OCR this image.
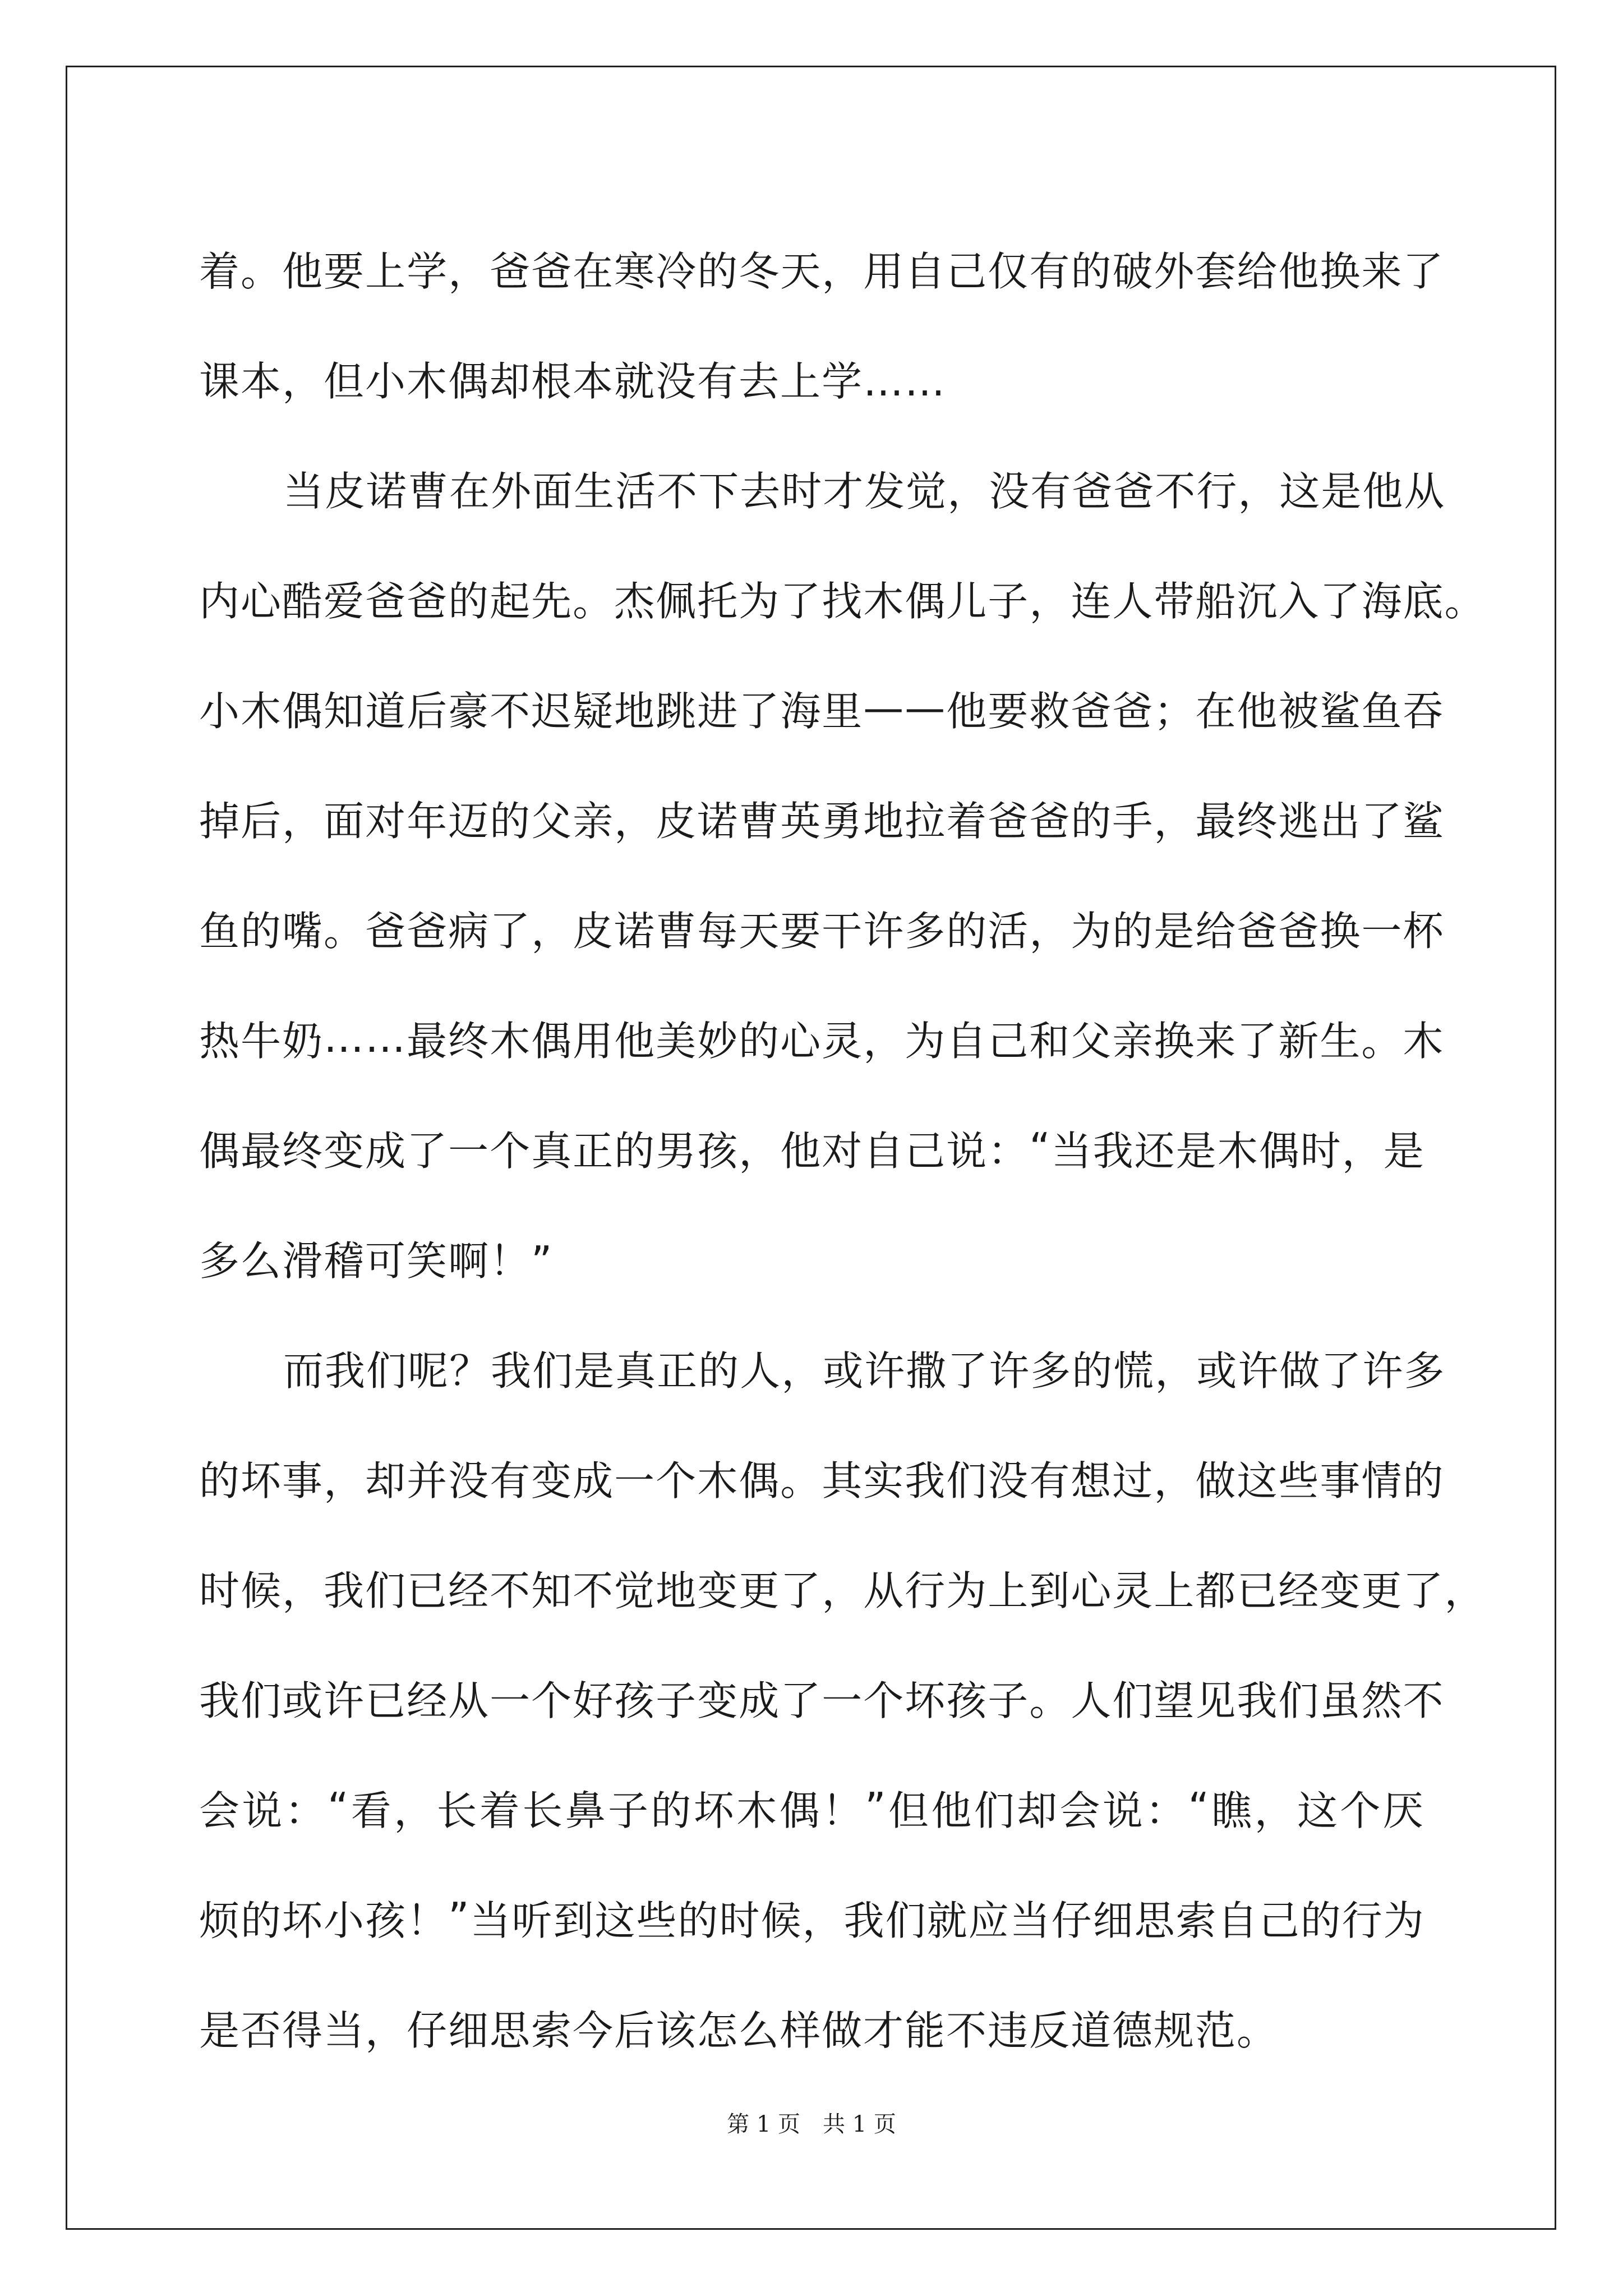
着 。 他 要 上 学 ， 爸 爸 在 寒 冷 的 冬 天 ， 用 自 己 仅 有 的 破 外 套 给 他 换 来 了
课本，但小木偶却根本就没有去上学……
当 皮 诺 曹 在 外 面 生 活 不 下 去 时 才 发 觉 ， 没 有 爸 爸 不 行 ， 这 是 他 从
内 心 酷 爱 爸 爸 的 起 先 。 杰 佩 托 为 了 找 木 偶 儿 子 ， 连 人 带 船 沉 入 了 海 底 。
小 木 偶 知 道 后 豪 不 迟 疑 地 跳 进 了 海 里 — — 他 要 救 爸 爸 ； 在 他 被 鲨 鱼 吞
掉 后 ， 面 对 年 迈 的 父 亲 ， 皮 诺 曹 英 勇 地 拉 着 爸 爸 的 手 ， 最 终 逃 出 了 鲨
鱼 的 嘴 。 爸 爸 病 了 ， 皮 诺 曹 每 天 要 干 许 多 的 活 ， 为 的 是 给 爸 爸 换 一 杯
热 牛 奶 … … 最 终 木 偶 用 他 美 妙 的 心 灵 ， 为 自 己 和 父 亲 换 来 了 新 生 。 木
偶 最 终 变 成 了 一 个 真 正 的 男 孩 ， 他 对 自 己 说 ： “ 当 我 还 是 木 偶 时 ， 是
多么滑稽可笑啊！”
而 我 们 呢 ？ 我 们 是 真 正 的 人 ， 或 许 撒 了 许 多 的 慌 ， 或 许 做 了 许 多
的 坏 事 ， 却 并 没 有 变 成 一 个 木 偶 。 其 实 我 们 没 有 想 过 ， 做 这 些 事 情 的
时 候 ， 我 们 已 经 不 知 不 觉 地 变 更 了 ， 从 行 为 上 到 心 灵 上 都 已 经 变 更 了 ，
我 们 或 许 已 经 从 一 个 好 孩 子 变 成 了 一 个 坏 孩 子 。 人 们 望 见 我 们 虽 然 不
会 说 ： “ 看 ， 长 着 长 鼻 子 的 坏 木 偶 ！ ” 但 他 们 却 会 说 ： “ 瞧 ， 这 个 厌
烦 的 坏 小 孩 ！ ” 当 听 到 这 些 的 时 候 ， 我 们 就 应 当 仔 细 思 索 自 己 的 行 为
是否得当，仔细思索今后该怎么样做才能不违反道德规范。
第 1 页　共 1 页
